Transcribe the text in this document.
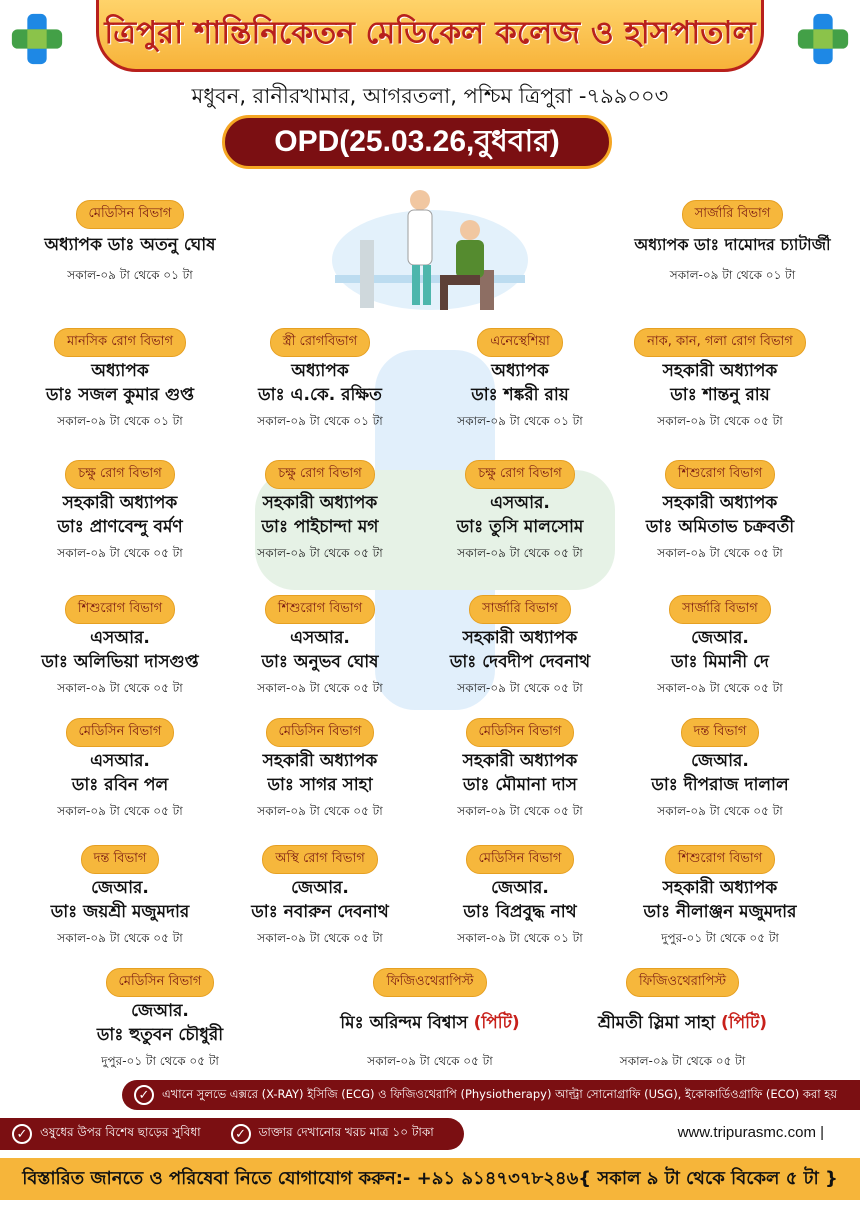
ত্রিপুরা শান্তিনিকেতন মেডিকেল কলেজ ও হাসপাতাল
মধুবন, রানীরখামার, আগরতলা, পশ্চিম ত্রিপুরা -৭৯৯০০৩
OPD(25.03.26,বুধবার)
মেডিসিন বিভাগ
অধ্যাপক ডাঃ অতনু ঘোষ
সকাল-০৯ টা থেকে ০১ টা
সার্জারি বিভাগ
অধ্যাপক ডাঃ দামোদর চ্যাটার্জী
সকাল-০৯ টা থেকে ০১ টা
মানসিক রোগ বিভাগ
অধ্যাপক
ডাঃ সজল কুমার গুপ্ত
সকাল-০৯ টা থেকে ০১ টা
স্ত্রী রোগবিভাগ
অধ্যাপক
ডাঃ এ.কে. রক্ষিত
সকাল-০৯ টা থেকে ০১ টা
এনেস্থেশিয়া
অধ্যাপক
ডাঃ শঙ্করী রায়
সকাল-০৯ টা থেকে ০১ টা
নাক, কান, গলা রোগ বিভাগ
সহকারী অধ্যাপক
ডাঃ শান্তনু রায়
সকাল-০৯ টা থেকে ০৫ টা
চক্ষু রোগ বিভাগ
সহকারী অধ্যাপক
ডাঃ প্রাণবেন্দু বর্মণ
সকাল-০৯ টা থেকে ০৫ টা
চক্ষু রোগ বিভাগ
সহকারী অধ্যাপক
ডাঃ পাইচান্দা মগ
সকাল-০৯ টা থেকে ০৫ টা
চক্ষু রোগ বিভাগ
এসআর.
ডাঃ তুসি মালসোম
সকাল-০৯ টা থেকে ০৫ টা
শিশুরোগ বিভাগ
সহকারী অধ্যাপক
ডাঃ অমিতাভ চক্রবর্তী
সকাল-০৯ টা থেকে ০৫ টা
শিশুরোগ বিভাগ
এসআর.
ডাঃ অলিভিয়া দাসগুপ্ত
সকাল-০৯ টা থেকে ০৫ টা
শিশুরোগ বিভাগ
এসআর.
ডাঃ অনুভব ঘোষ
সকাল-০৯ টা থেকে ০৫ টা
সার্জারি বিভাগ
সহকারী অধ্যাপক
ডাঃ দেবদীপ দেবনাথ
সকাল-০৯ টা থেকে ০৫ টা
সার্জারি বিভাগ
জেআর.
ডাঃ মিমানী দে
সকাল-০৯ টা থেকে ০৫ টা
মেডিসিন বিভাগ
এসআর.
ডাঃ রবিন পল
সকাল-০৯ টা থেকে ০৫ টা
মেডিসিন বিভাগ
সহকারী অধ্যাপক
ডাঃ সাগর সাহা
সকাল-০৯ টা থেকে ০৫ টা
মেডিসিন বিভাগ
সহকারী অধ্যাপক
ডাঃ মৌমানা দাস
সকাল-০৯ টা থেকে ০৫ টা
দন্ত বিভাগ
জেআর.
ডাঃ দীপরাজ দালাল
সকাল-০৯ টা থেকে ০৫ টা
দন্ত বিভাগ
জেআর.
ডাঃ জয়শ্রী মজুমদার
সকাল-০৯ টা থেকে ০৫ টা
অস্থি রোগ বিভাগ
জেআর.
ডাঃ নবারুন দেবনাথ
সকাল-০৯ টা থেকে ০৫ টা
মেডিসিন বিভাগ
জেআর.
ডাঃ বিপ্রবুদ্ধ নাথ
সকাল-০৯ টা থেকে ০১ টা
শিশুরোগ বিভাগ
সহকারী অধ্যাপক
ডাঃ নীলাঞ্জন মজুমদার
দুপুর-০১ টা থেকে ০৫ টা
মেডিসিন বিভাগ
জেআর.
ডাঃ হুতুবন চৌধুরী
দুপুর-০১ টা থেকে ০৫ টা
ফিজিওথেরাপিস্ট
মিঃ অরিন্দম বিশ্বাস (পিটি)
সকাল-০৯ টা থেকে ০৫ টা
ফিজিওথেরাপিস্ট
শ্রীমতী স্লিমা সাহা (পিটি)
সকাল-০৯ টা থেকে ০৫ টা
✓	এখানে সুলভে এক্সরে (X-RAY) ইসিজি (ECG) ও ফিজিওথেরাপি (Physiotherapy) আল্ট্রা সোনোগ্রাফি (USG), ইকোকার্ডিওগ্রাফি (ECO) করা হয়
✓	ওষুধের উপর বিশেষ ছাড়ের সুবিধা	✓	ডাক্তার দেখানোর খরচ মাত্র ১০ টাকা	www.tripurasmc.com |
বিস্তারিত জানতে ও পরিষেবা নিতে যোগাযোগ করুন:- +৯১ ৯১৪৭৩৭৮২৪৬{ সকাল ৯ টা থেকে বিকেল ৫ টা }
